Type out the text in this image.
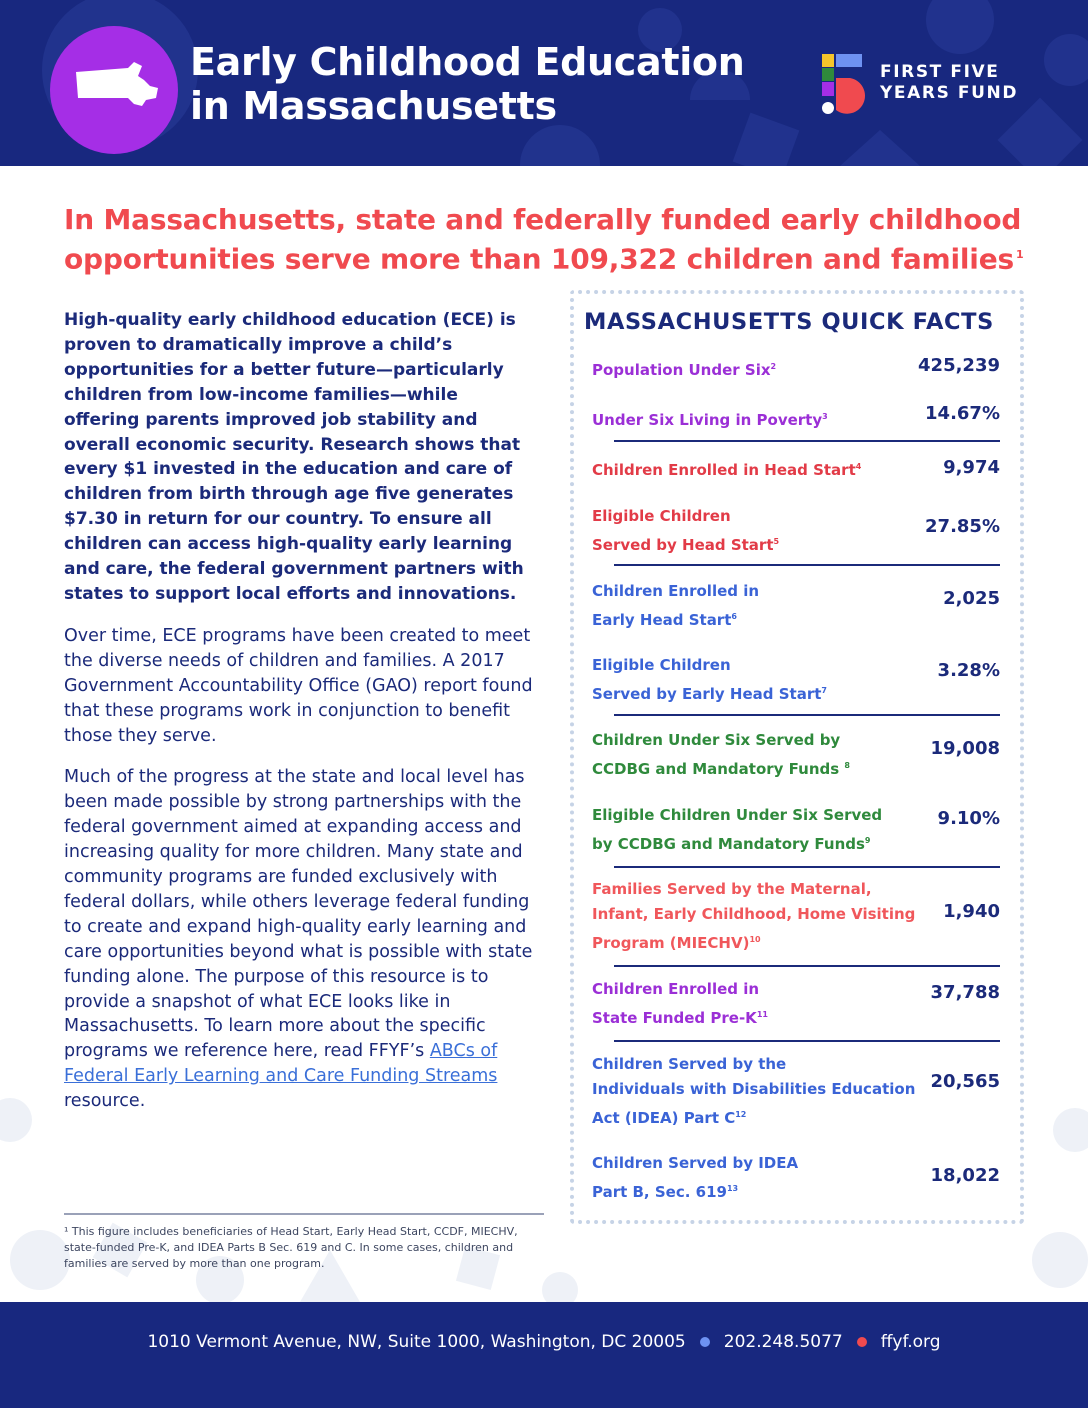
Early Childhood Education
in Massachusetts
FIRST FIVE
YEARS FUND
In Massachusetts, state and federally funded early childhood opportunities serve more than 109,322 children and families $^1$

High-quality early childhood education (ECE) is proven to dramatically improve a child’s opportunities for a better future—particularly children from low-income families—while offering parents improved job stability and overall economic security. Research shows that every $1 invested in the education and care of children from birth through age five generates $7.30 in return for our country. To ensure all children can access high-quality early learning and care, the federal government partners with states to support local efforts and innovations.

Over time, ECE programs have been created to meet the diverse needs of children and families. A 2017 Government Accountability Office (GAO) report found that these programs work in conjunction to benefit those they serve.

Much of the progress at the state and local level has been made possible by strong partnerships with the federal government aimed at expanding access and increasing quality for more children. Many state and community programs are funded exclusively with federal dollars, while others leverage federal funding to create and expand high-quality early learning and care opportunities beyond what is possible with state funding alone. The purpose of this resource is to provide a snapshot of what ECE looks like in Massachusetts. To learn more about the specific programs we reference here, read FFYF’s ABCs of Federal Early Learning and Care Funding Streams resource.

¹ This figure includes beneficiaries of Head Start, Early Head Start, CCDF, MIECHV, state-funded Pre-K, and IDEA Parts B Sec. 619 and C. In some cases, children and families are served by more than one program.

MASSACHUSETTS QUICK FACTS
Population Under Six$^2$	425,239
Under Six Living in Poverty$^3$	14.67%
Children Enrolled in Head Start$^4$	9,974
Eligible Children
Served by Head Start$^5$
27.85%
Children Enrolled in
Early Head Start$^6$
2,025
Eligible Children
Served by Early Head Start$^7$
3.28%
Children Under Six Served by
CCDBG and Mandatory Funds $^8$
19,008
Eligible Children Under Six Served
by CCDBG and Mandatory Funds$^9$
9.10%
Families Served by the Maternal,
Infant, Early Childhood, Home Visiting
Program (MIECHV)$^{10}$
1,940
Children Enrolled in
State Funded Pre-$K^{11}$
37,788
Children Served by the
Individuals with Disabilities Education
Act (IDEA) Part $C^{12}$
20,565
Children Served by IDEA
Part B, Sec. $619^{13}$
18,022
1010 Vermont Avenue, NW, Suite 1000, Washington, DC 20005 202.248.5077 ffyf.org
